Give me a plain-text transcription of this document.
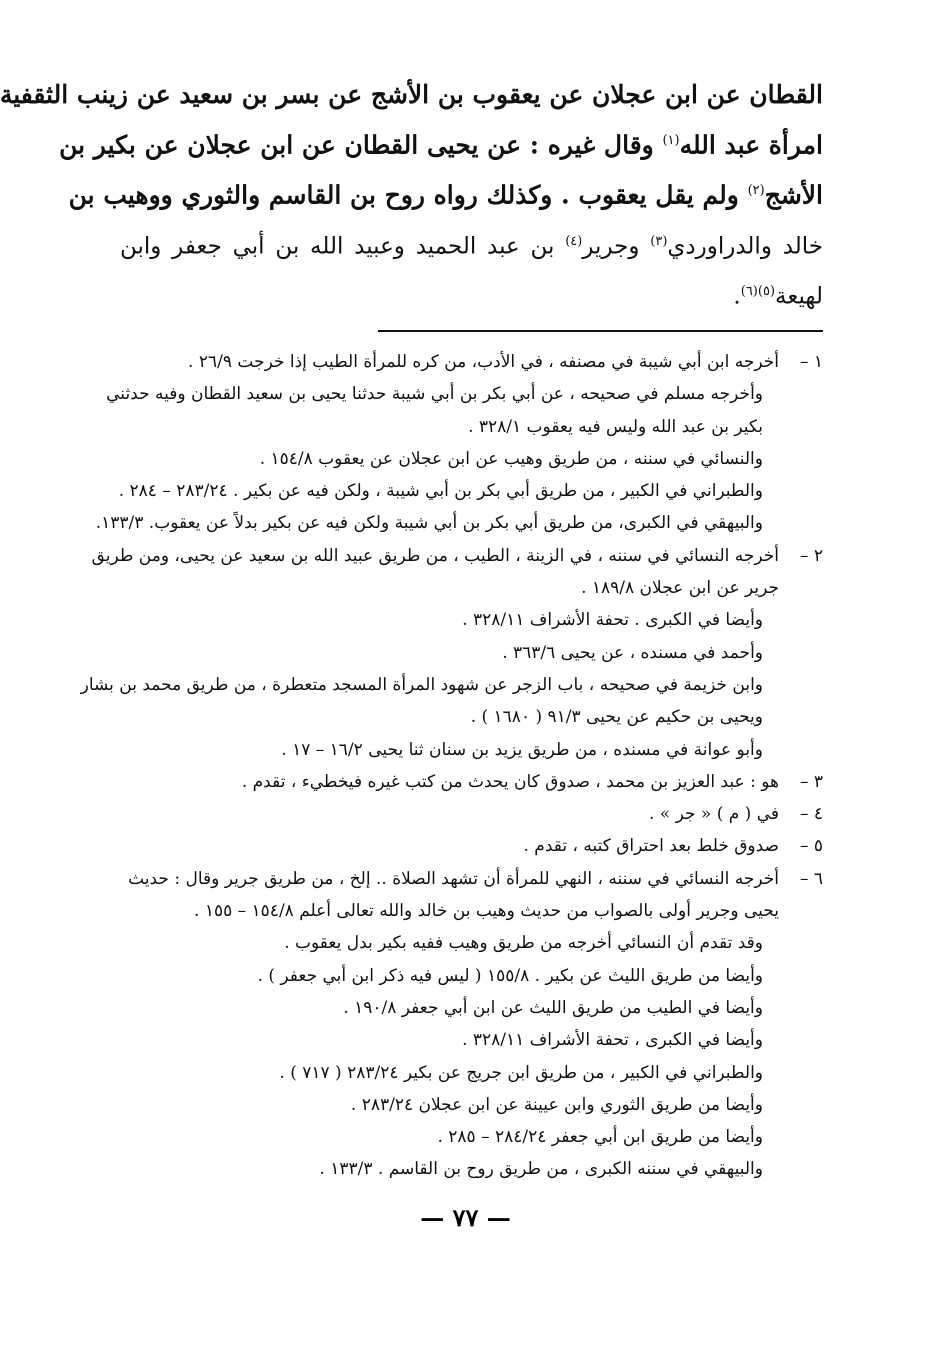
القطان عن ابن عجلان عن يعقوب بن الأشج عن بسر بن سعيد عن زينب الثقفية
امرأة عبد الله$^{(١)}$ وقال غيره : عن يحيى القطان عن ابن عجلان عن بكير بن
الأشج$^{(٢)}$ ولم يقل يعقوب . وكذلك رواه روح بن القاسم والثوري ووهيب بن
خالد والدراوردي$^{(٣)}$ وجرير$^{(٤)}$ بن عبد الحميد وعبيد الله بن أبي جعفر وابن
لهيعة$^{(٥)(٦)}$.
١ –
أخرجه ابن أبي شيبة في مصنفه ، في الأدب، من كره للمرأة الطيب إذا خرجت ٢٦/٩ .
وأخرجه مسلم في صحيحه ، عن أبي بكر بن أبي شيبة حدثنا يحيى بن سعيد القطان وفيه حدثني
بكير بن عبد الله وليس فيه يعقوب ٣٢٨/١ .
والنسائي في سننه ، من طريق وهيب عن ابن عجلان عن يعقوب ١٥٤/٨ .
والطبراني في الكبير ، من طريق أبي بكر بن أبي شيبة ، ولكن فيه عن بكير . ٢٨٣/٢٤ – ٢٨٤ .
والبيهقي في الكبرى، من طريق أبي بكر بن أبي شيبة ولكن فيه عن بكير بدلاً عن يعقوب. ١٣٣/٣.
٢ –
أخرجه النسائي في سننه ، في الزينة ، الطيب ، من طريق عبيد الله بن سعيد عن يحيى، ومن طريق
جرير عن ابن عجلان ١٨٩/٨ .
وأيضا في الكبرى . تحفة الأشراف ٣٢٨/١١ .
وأحمد في مسنده ، عن يحيى ٣٦٣/٦ .
وابن خزيمة في صحيحه ، باب الزجر عن شهود المرأة المسجد متعطرة ، من طريق محمد بن بشار
ويحيى بن حكيم عن يحيى ٩١/٣ ( ١٦٨٠ ) .
وأبو عوانة في مسنده ، من طريق يزيد بن سنان ثنا يحيى ١٦/٢ – ١٧ .
٣ –
هو : عبد العزيز بن محمد ، صدوق كان يحدث من كتب غيره فيخطيء ، تقدم .
٤ –
في ( م ) « جر » .
٥ –
صدوق خلط بعد احتراق كتبه ، تقدم .
٦ –
أخرجه النسائي في سننه ، النهي للمرأة أن تشهد الصلاة .. إلخ ، من طريق جرير وقال : حديث
يحيى وجرير أولى بالصواب من حديث وهيب بن خالد والله تعالى أعلم ١٥٤/٨ – ١٥٥ .
وقد تقدم أن النسائي أخرجه من طريق وهيب ففيه بكير بدل يعقوب .
وأيضا من طريق الليث عن بكير . ١٥٥/٨ ( ليس فيه ذكر ابن أبي جعفر ) .
وأيضا في الطيب من طريق الليث عن ابن أبي جعفر ١٩٠/٨ .
وأيضا في الكبرى ، تحفة الأشراف ٣٢٨/١١ .
والطبراني في الكبير ، من طريق ابن جريج عن بكير ٢٨٣/٢٤ ( ٧١٧ ) .
وأيضا من طريق الثوري وابن عيينة عن ابن عجلان ٢٨٣/٢٤ .
وأيضا من طريق ابن أبي جعفر ٢٨٤/٢٤ – ٢٨٥ .
والبيهقي في سننه الكبرى ، من طريق روح بن القاسم . ١٣٣/٣ .
— ٧٧ —
